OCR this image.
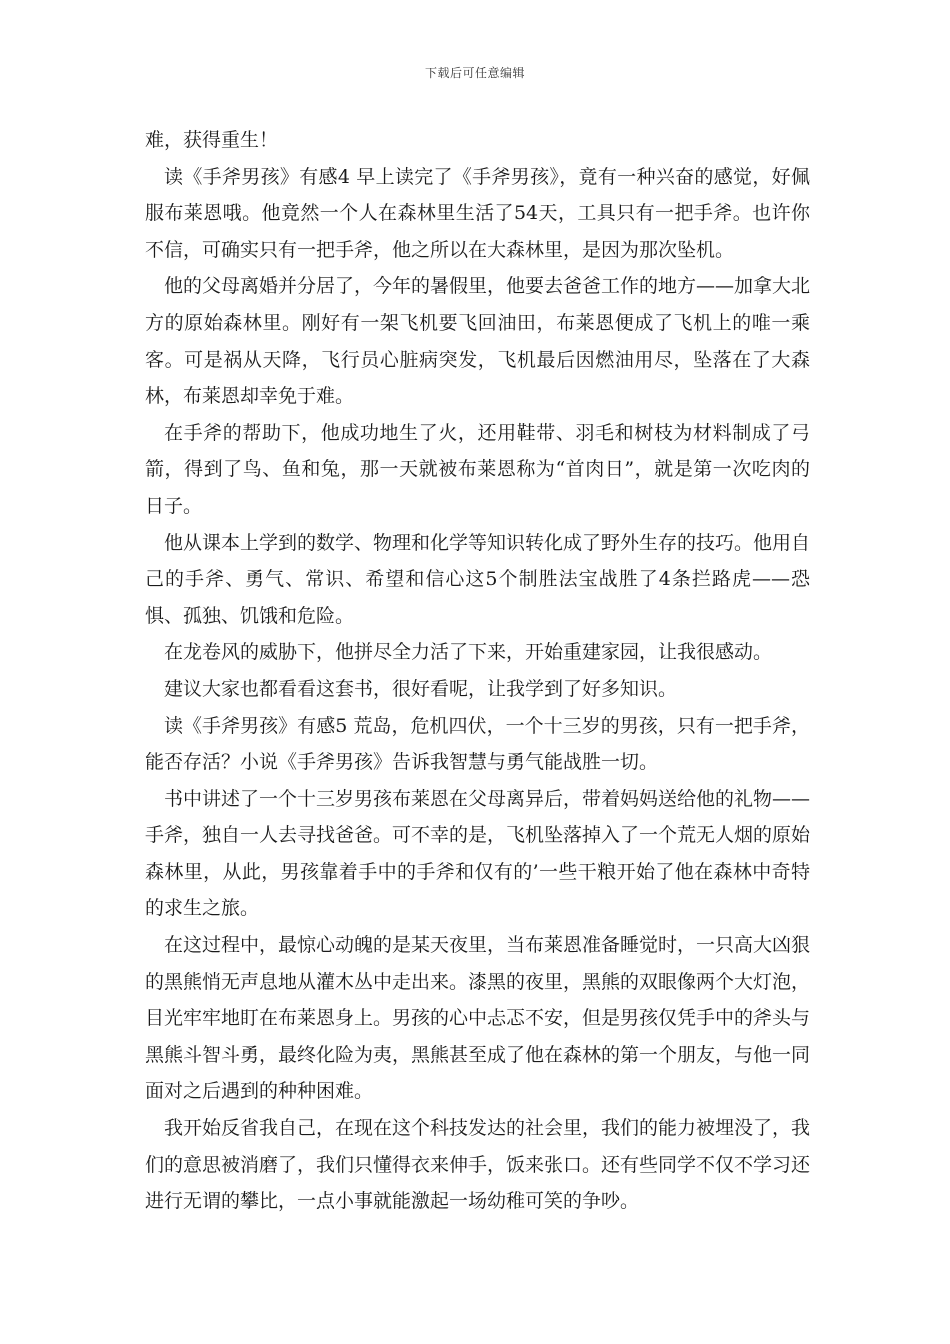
下载后可任意编辑

难，获得重生！

读《手斧男孩》有感4 早上读完了《手斧男孩》，竟有一种兴奋的感觉，好佩服布莱恩哦。他竟然一个人在森林里生活了54天，工具只有一把手斧。也许你不信，可确实只有一把手斧，他之所以在大森林里，是因为那次坠机。

他的父母离婚并分居了，今年的暑假里，他要去爸爸工作的地方——加拿大北方的原始森林里。刚好有一架飞机要飞回油田，布莱恩便成了飞机上的唯一乘客。可是祸从天降，飞行员心脏病突发，飞机最后因燃油用尽，坠落在了大森林，布莱恩却幸免于难。

在手斧的帮助下，他成功地生了火，还用鞋带、羽毛和树枝为材料制成了弓箭，得到了鸟、鱼和兔，那一天就被布莱恩称为“首肉日”，就是第一次吃肉的日子。

他从课本上学到的数学、物理和化学等知识转化成了野外生存的技巧。他用自己的手斧、勇气、常识、希望和信心这5个制胜法宝战胜了4条拦路虎——恐惧、孤独、饥饿和危险。

在龙卷风的威胁下，他拼尽全力活了下来，开始重建家园，让我很感动。

建议大家也都看看这套书，很好看呢，让我学到了好多知识。

读《手斧男孩》有感5 荒岛，危机四伏，一个十三岁的男孩，只有一把手斧，能否存活？小说《手斧男孩》告诉我智慧与勇气能战胜一切。

书中讲述了一个十三岁男孩布莱恩在父母离异后，带着妈妈送给他的礼物——手斧，独自一人去寻找爸爸。可不幸的是，飞机坠落掉入了一个荒无人烟的原始森林里，从此，男孩靠着手中的手斧和仅有的’一些干粮开始了他在森林中奇特的求生之旅。

在这过程中，最惊心动魄的是某天夜里，当布莱恩准备睡觉时，一只高大凶狠的黑熊悄无声息地从灌木丛中走出来。漆黑的夜里，黑熊的双眼像两个大灯泡，目光牢牢地盯在布莱恩身上。男孩的心中忐忑不安，但是男孩仅凭手中的斧头与黑熊斗智斗勇，最终化险为夷，黑熊甚至成了他在森林的第一个朋友，与他一同面对之后遇到的种种困难。

我开始反省我自己，在现在这个科技发达的社会里，我们的能力被埋没了，我们的意思被消磨了，我们只懂得衣来伸手，饭来张口。还有些同学不仅不学习还进行无谓的攀比，一点小事就能激起一场幼稚可笑的争吵。
